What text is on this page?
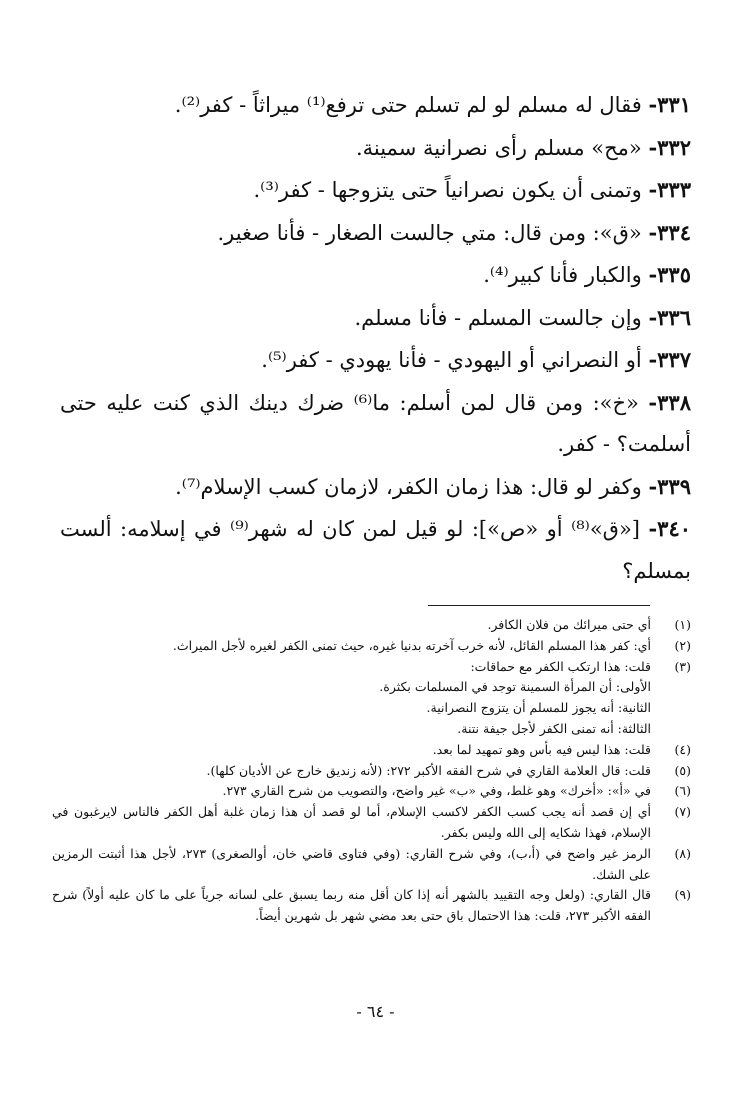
٣٣١- فقال له مسلم لو لم تسلم حتى ترفع⁽¹⁾ ميراثاً - كفر⁽²⁾.
٣٣٢- «مح» مسلم رأى نصرانية سمينة.
٣٣٣- وتمنى أن يكون نصرانياً حتى يتزوجها - كفر⁽³⁾.
٣٣٤- «ق»: ومن قال: متي جالست الصغار - فأنا صغير.
٣٣٥- والكبار فأنا كبير⁽⁴⁾.
٣٣٦- وإن جالست المسلم - فأنا مسلم.
٣٣٧- أو النصراني أو اليهودي - فأنا يهودي - كفر⁽⁵⁾.
٣٣٨- «خ»: ومن قال لمن أسلم: ما⁽⁶⁾ ضرك دينك الذي كنت عليه حتى أسلمت؟ - كفر.
٣٣٩- وكفر لو قال: هذا زمان الكفر، لازمان كسب الإسلام⁽⁷⁾.
٣٤٠- [«ق»⁽⁸⁾ أو «ص»]: لو قيل لمن كان له شهر⁽⁹⁾ في إسلامه: ألست بمسلم؟
(١)
أي حتى ميرائك من فلان الكافر.
(٢)
أي: كفر هذا المسلم القائل، لأنه خرب آخرته بدنيا غيره، حيث تمنى الكفر لغيره لأجل الميراث.
(٣)
قلت: هذا ارتكب الكفر مع حماقات:
الأولى: أن المرأة السمينة توجد في المسلمات بكثرة.
الثانية: أنه يجوز للمسلم أن يتزوج النصرانية.
الثالثة: أنه تمنى الكفر لأجل جيفة نتنة.
(٤)
قلت: هذا ليس فيه بأس وهو تمهيد لما بعد.
(٥)
قلت: قال العلامة القاري في شرح الفقه الأكبر ٢٧٢: (لأنه زنديق خارج عن الأديان كلها).
(٦)
في «أ»: «أخرك» وهو غلط، وفي «ب» غير واضح، والتصويب من شرح القاري ٢٧٣.
(٧)
أي إن قصد أنه يجب كسب الكفر لاكسب الإسلام، أما لو قصد أن هذا زمان غلبة أهل الكفر فالناس لايرغبون في الإسلام، فهذا شكايه إلى الله وليس بكفر.
(٨)
الرمز غير واضح في (أ،ب)، وفي شرح القاري: (وفي فتاوى قاضي خان، أوالصغرى) ٢٧٣، لأجل هذا أثبتت الرمزين على الشك.
(٩)
قال القاري: (ولعل وجه التقييد بالشهر أنه إذا كان أقل منه ربما يسبق على لسانه جرياً على ما كان عليه أولاً) شرح الفقه الأكبر ٢٧٣، قلت: هذا الاحتمال باق حتى بعد مضي شهر بل شهرين أيضاً.
- ٦٤ -
